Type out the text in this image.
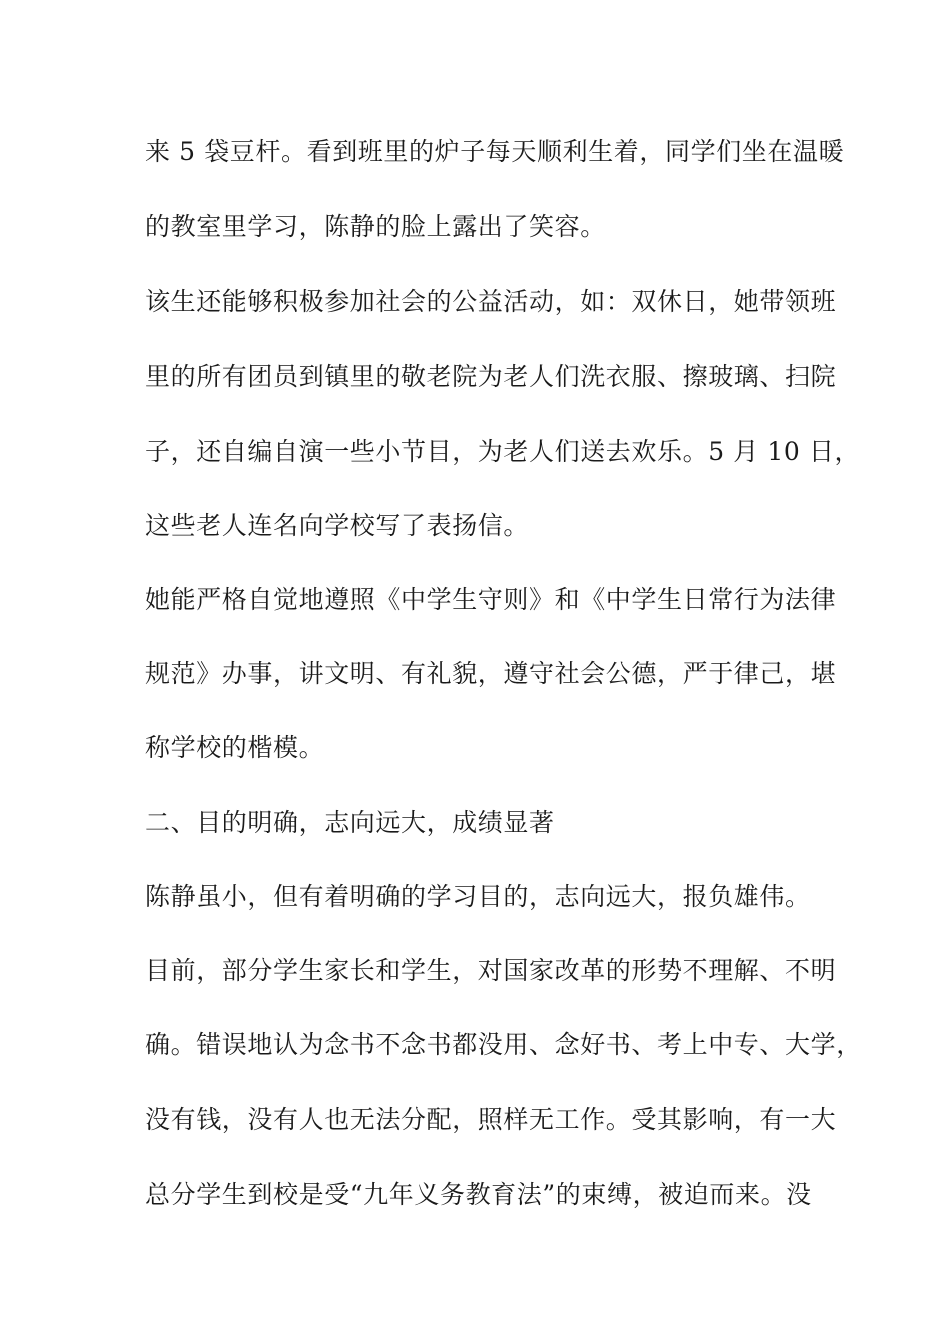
来 5 袋豆杆。看到班里的炉子每天顺利生着，同学们坐在温暖
的教室里学习，陈静的脸上露出了笑容。
该生还能够积极参加社会的公益活动，如：双休日，她带领班
里的所有团员到镇里的敬老院为老人们洗衣服、擦玻璃、扫院
子，还自编自演一些小节目，为老人们送去欢乐。5 月 10 日，
这些老人连名向学校写了表扬信。
她能严格自觉地遵照《中学生守则》和《中学生日常行为法律
规范》办事，讲文明、有礼貌，遵守社会公德，严于律己，堪
称学校的楷模。
二、目的明确，志向远大，成绩显著
陈静虽小，但有着明确的学习目的，志向远大，报负雄伟。
目前，部分学生家长和学生，对国家改革的形势不理解、不明
确。错误地认为念书不念书都没用、念好书、考上中专、大学，
没有钱，没有人也无法分配，照样无工作。受其影响，有一大
总分学生到校是受“九年义务教育法”的束缚，被迫而来。没
